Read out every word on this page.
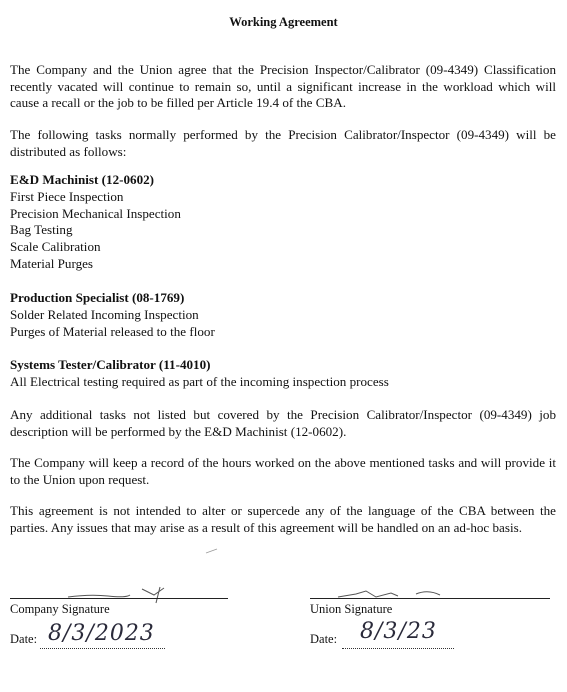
Working Agreement

The Company and the Union agree that the Precision Inspector/Calibrator (09-4349) Classification recently vacated will continue to remain so, until a significant increase in the workload which will cause a recall or the job to be filled per Article 19.4 of the CBA.

The following tasks normally performed by the Precision Calibrator/Inspector (09-4349) will be distributed as follows:

E&D Machinist (12-0602)
First Piece Inspection
Precision Mechanical Inspection
Bag Testing
Scale Calibration
Material Purges
Production Specialist (08-1769)
Solder Related Incoming Inspection
Purges of Material released to the floor
Systems Tester/Calibrator (11-4010)
All Electrical testing required as part of the incoming inspection process

Any additional tasks not listed but covered by the Precision Calibrator/Inspector (09-4349) job description will be performed by the E&D Machinist (12-0602).

The Company will keep a record of the hours worked on the above mentioned tasks and will provide it to the Union upon request.

This agreement is not intended to alter or supercede any of the language of the CBA between the parties. Any issues that may arise as a result of this agreement will be handled on an ad-hoc basis.

Company Signature
Date: 8/3/2023
Union Signature
Date: 8/3/23
